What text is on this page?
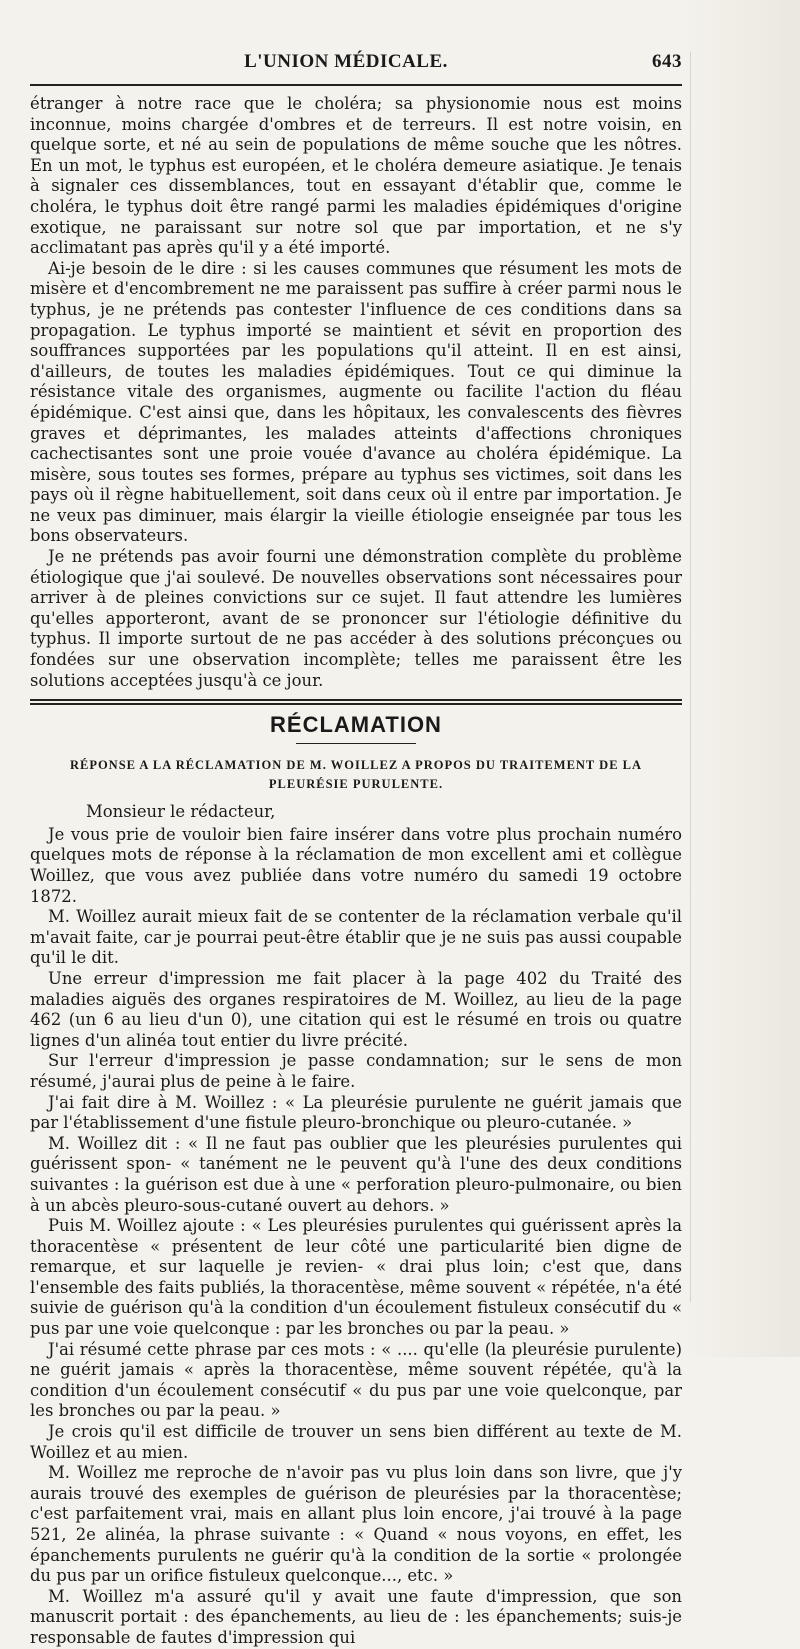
L'UNION MÉDICALE.	643

étranger à notre race que le choléra; sa physionomie nous est moins inconnue, moins chargée d'ombres et de terreurs. Il est notre voisin, en quelque sorte, et né au sein de populations de même souche que les nôtres. En un mot, le typhus est européen, et le choléra demeure asiatique. Je tenais à signaler ces dissemblances, tout en essayant d'établir que, comme le choléra, le typhus doit être rangé parmi les maladies épidémiques d'origine exotique, ne paraissant sur notre sol que par importation, et ne s'y acclimatant pas après qu'il y a été importé.

Ai-je besoin de le dire : si les causes communes que résument les mots de misère et d'encombrement ne me paraissent pas suffire à créer parmi nous le typhus, je ne prétends pas contester l'influence de ces conditions dans sa propagation. Le typhus importé se maintient et sévit en proportion des souffrances supportées par les populations qu'il atteint. Il en est ainsi, d'ailleurs, de toutes les maladies épidémiques. Tout ce qui diminue la résistance vitale des organismes, augmente ou facilite l'action du fléau épidémique. C'est ainsi que, dans les hôpitaux, les convalescents des fièvres graves et déprimantes, les malades atteints d'affections chroniques cachectisantes sont une proie vouée d'avance au choléra épidémique. La misère, sous toutes ses formes, prépare au typhus ses victimes, soit dans les pays où il règne habituellement, soit dans ceux où il entre par importation. Je ne veux pas diminuer, mais élargir la vieille étiologie enseignée par tous les bons observateurs.

Je ne prétends pas avoir fourni une démonstration complète du problème étiologique que j'ai soulevé. De nouvelles observations sont nécessaires pour arriver à de pleines convictions sur ce sujet. Il faut attendre les lumières qu'elles apporteront, avant de se prononcer sur l'étiologie définitive du typhus. Il importe surtout de ne pas accéder à des solutions préconçues ou fondées sur une observation incomplète; telles me paraissent être les solutions acceptées jusqu'à ce jour.

RÉCLAMATION
RÉPONSE A LA RÉCLAMATION DE M. WOILLEZ A PROPOS DU TRAITEMENT DE LA PLEURÉSIE PURULENTE.

Monsieur le rédacteur,

Je vous prie de vouloir bien faire insérer dans votre plus prochain numéro quelques mots de réponse à la réclamation de mon excellent ami et collègue Woillez, que vous avez publiée dans votre numéro du samedi 19 octobre 1872.

M. Woillez aurait mieux fait de se contenter de la réclamation verbale qu'il m'avait faite, car je pourrai peut-être établir que je ne suis pas aussi coupable qu'il le dit.

Une erreur d'impression me fait placer à la page 402 du Traité des maladies aiguës des organes respiratoires de M. Woillez, au lieu de la page 462 (un 6 au lieu d'un 0), une citation qui est le résumé en trois ou quatre lignes d'un alinéa tout entier du livre précité.

Sur l'erreur d'impression je passe condamnation; sur le sens de mon résumé, j'aurai plus de peine à le faire.

J'ai fait dire à M. Woillez : « La pleurésie purulente ne guérit jamais que par l'établissement d'une fistule pleuro-bronchique ou pleuro-cutanée. »

M. Woillez dit : « Il ne faut pas oublier que les pleurésies purulentes qui guérissent spon- « tanément ne le peuvent qu'à l'une des deux conditions suivantes : la guérison est due à une « perforation pleuro-pulmonaire, ou bien à un abcès pleuro-sous-cutané ouvert au dehors. »

Puis M. Woillez ajoute : « Les pleurésies purulentes qui guérissent après la thoracentèse « présentent de leur côté une particularité bien digne de remarque, et sur laquelle je revien- « drai plus loin; c'est que, dans l'ensemble des faits publiés, la thoracentèse, même souvent « répétée, n'a été suivie de guérison qu'à la condition d'un écoulement fistuleux consécutif du « pus par une voie quelconque : par les bronches ou par la peau. »

J'ai résumé cette phrase par ces mots : « .... qu'elle (la pleurésie purulente) ne guérit jamais « après la thoracentèse, même souvent répétée, qu'à la condition d'un écoulement consécutif « du pus par une voie quelconque, par les bronches ou par la peau. »

Je crois qu'il est difficile de trouver un sens bien différent au texte de M. Woillez et au mien.

M. Woillez me reproche de n'avoir pas vu plus loin dans son livre, que j'y aurais trouvé des exemples de guérison de pleurésies par la thoracentèse; c'est parfaitement vrai, mais en allant plus loin encore, j'ai trouvé à la page 521, 2e alinéa, la phrase suivante : « Quand « nous voyons, en effet, les épanchements purulents ne guérir qu'à la condition de la sortie « prolongée du pus par un orifice fistuleux quelconque..., etc. »

M. Woillez m'a assuré qu'il y avait une faute d'impression, que son manuscrit portait : des épanchements, au lieu de : les épanchements; suis-je responsable de fautes d'impression qui
